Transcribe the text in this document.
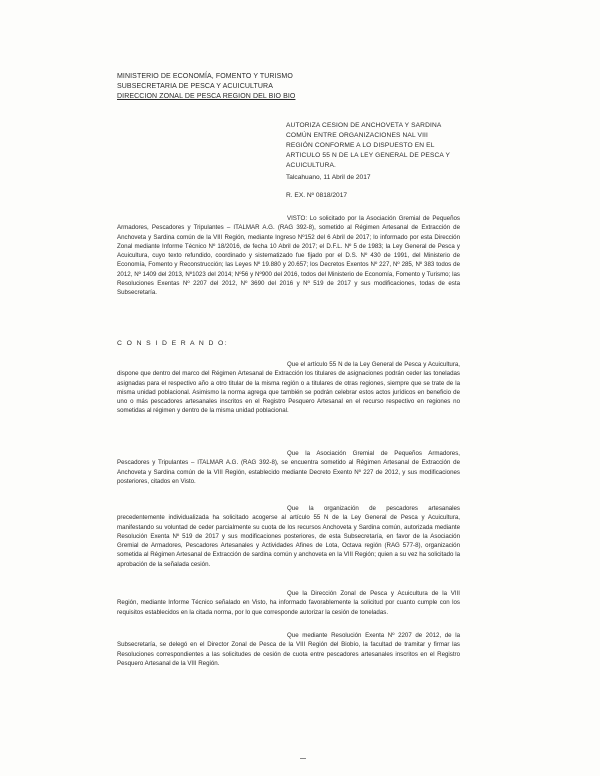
MINISTERIO DE ECONOMÍA, FOMENTO Y TURISMO
SUBSECRETARIA DE PESCA Y ACUICULTURA
DIRECCION ZONAL DE PESCA REGION DEL BIO BIO
AUTORIZA CESION DE ANCHOVETA Y SARDINA COMÚN ENTRE ORGANIZACIONES NAL VIII REGIÓN CONFORME A LO DISPUESTO EN EL ARTICULO 55 N DE LA LEY GENERAL DE PESCA Y ACUICULTURA.
Talcahuano, 11 Abril de 2017
R. EX. Nº 0818/2017
VISTO: Lo solicitado por la Asociación Gremial de Pequeños Armadores, Pescadores y Tripulantes – ITALMAR A.G. (RAG 392-8), sometido al Régimen Artesanal de Extracción de Anchoveta y Sardina común de la VIII Región, mediante Ingreso Nº152 del 6 Abril de 2017; lo informado por esta Dirección Zonal mediante Informe Técnico Nº 18/2016, de fecha 10 Abril de 2017; el D.F.L. Nº 5 de 1983; la Ley General de Pesca y Acuicultura, cuyo texto refundido, coordinado y sistematizado fue fijado por el D.S. Nº 430 de 1991, del Ministerio de Economía, Fomento y Reconstrucción; las Leyes Nº 19.880 y 20.657; los Decretos Exentos Nº 227, Nº 285, Nº 383 todos de 2012, Nº 1409 del 2013, Nº1023 del 2014; Nº56 y Nº900 del 2016, todos del Ministerio de Economía, Fomento y Turismo; las Resoluciones Exentas Nº 2207 del 2012, Nº 3690 del 2016 y Nº 519 de 2017 y sus modificaciones, todas de esta Subsecretaría.
C O N S I D E R A N D O:
Que el artículo 55 N de la Ley General de Pesca y Acuicultura, dispone que dentro del marco del Régimen Artesanal de Extracción los titulares de asignaciones podrán ceder las toneladas asignadas para el respectivo año a otro titular de la misma región o a titulares de otras regiones, siempre que se trate de la misma unidad poblacional. Asimismo la norma agrega que también se podrán celebrar estos actos jurídicos en beneficio de uno o más pescadores artesanales inscritos en el Registro Pesquero Artesanal en el recurso respectivo en regiones no sometidas al régimen y dentro de la misma unidad poblacional.
Que la Asociación Gremial de Pequeños Armadores, Pescadores y Tripulantes – ITALMAR A.G. (RAG 392-8), se encuentra sometido al Régimen Artesanal de Extracción de Anchoveta y Sardina común de la VIII Región, establecido mediante Decreto Exento Nº 227 de 2012, y sus modificaciones posteriores, citados en Visto.
Que la organización de pescadores artesanales precedentemente individualizada ha solicitado acogerse al artículo 55 N de la Ley General de Pesca y Acuicultura, manifestando su voluntad de ceder parcialmente su cuota de los recursos Anchoveta y Sardina común, autorizada mediante Resolución Exenta Nº 519 de 2017 y sus modificaciones posteriores, de esta Subsecretaría, en favor de la Asociación Gremial de Armadores, Pescadores Artesanales y Actividades Afines de Lota, Octava región (RAG 577-8), organización sometida al Régimen Artesanal de Extracción de sardina común y anchoveta en la VIII Región; quien a su vez ha solicitado la aprobación de la señalada cesión.
Que la Dirección Zonal de Pesca y Acuicultura de la VIII Región, mediante Informe Técnico señalado en Visto, ha informado favorablemente la solicitud por cuanto cumple con los requisitos establecidos en la citada norma, por lo que corresponde autorizar la cesión de toneladas.
Que mediante Resolución Exenta Nº 2207 de 2012, de la Subsecretaría, se delegó en el Director Zonal de Pesca de la VIII Región del Biobío, la facultad de tramitar y firmar las Resoluciones correspondientes a las solicitudes de cesión de cuota entre pescadores artesanales inscritos en el Registro Pesquero Artesanal de la VIII Región.
